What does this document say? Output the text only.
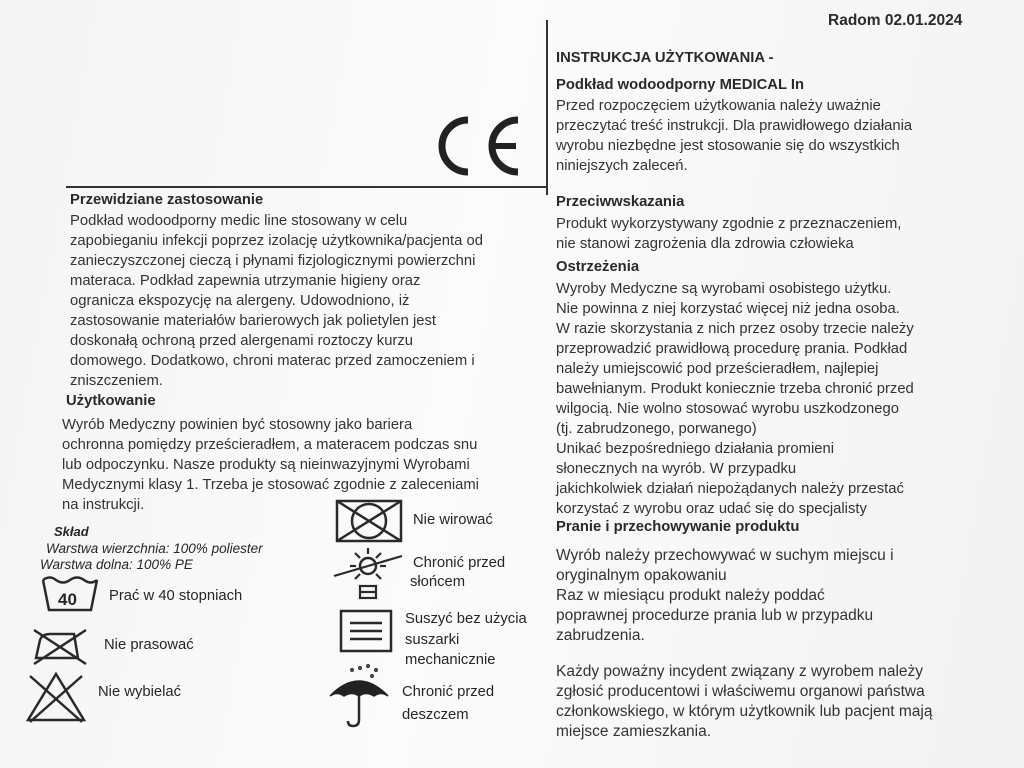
Radom 02.01.2024
INSTRUKCJA UŻYTKOWANIA -
Podkład wodoodporny MEDICAL In

Przed rozpoczęciem użytkowania należy uważnie
przeczytać treść instrukcji. Dla prawidłowego działania
wyrobu niezbędne jest stosowanie się do wszystkich
niniejszych zaleceń.

Przewidziane zastosowanie

Podkład wodoodporny medic line stosowany w celu
zapobieganiu infekcji poprzez izolację użytkownika/pacjenta od
zanieczyszczonej cieczą i płynami fizjologicznymi powierzchni
materaca. Podkład zapewnia utrzymanie higieny oraz
ogranicza ekspozycję na alergeny. Udowodniono, iż
zastosowanie materiałów barierowych jak polietylen jest
doskonałą ochroną przed alergenami roztoczy kurzu
domowego. Dodatkowo, chroni materac przed zamoczeniem i
zniszczeniem.

Użytkowanie

Wyrób Medyczny powinien być stosowny jako bariera
ochronna pomiędzy prześcieradłem, a materacem podczas snu
lub odpoczynku. Nasze produkty są nieinwazyjnymi Wyrobami
Medycznymi klasy 1. Trzeba je stosować zgodnie z zaleceniami
na instrukcji.

Skład
Warstwa wierzchnia: 100% poliester
Warstwa dolna: 100% PE
40 Prać w 40 stopniach
Nie prasować
Nie wybielać
Nie wirować
Chronić przed
słońcem
Suszyć bez użycia
suszarki
mechanicznie
Chronić przed
deszczem
Przeciwwskazania

Produkt wykorzystywany zgodnie z przeznaczeniem,
nie stanowi zagrożenia dla zdrowia człowieka

Ostrzeżenia

Wyroby Medyczne są wyrobami osobistego użytku.
Nie powinna z niej korzystać więcej niż jedna osoba.
W razie skorzystania z nich przez osoby trzecie należy
przeprowadzić prawidłową procedurę prania. Podkład
należy umiejscowić pod prześcieradłem, najlepiej
bawełnianym. Produkt koniecznie trzeba chronić przed
wilgocią. Nie wolno stosować wyrobu uszkodzonego
(tj. zabrudzonego, porwanego)
Unikać bezpośredniego działania promieni
słonecznych na wyrób. W przypadku
jakichkolwiek działań niepożądanych należy przestać
korzystać z wyrobu oraz udać się do specjalisty

Pranie i przechowywanie produktu

Wyrób należy przechowywać w suchym miejscu i
oryginalnym opakowaniu
Raz w miesiącu produkt należy poddać
poprawnej procedurze prania lub w przypadku
zabrudzenia.

Każdy poważny incydent związany z wyrobem należy
zgłosić producentowi i właściwemu organowi państwa
członkowskiego, w którym użytkownik lub pacjent mają
miejsce zamieszkania.
